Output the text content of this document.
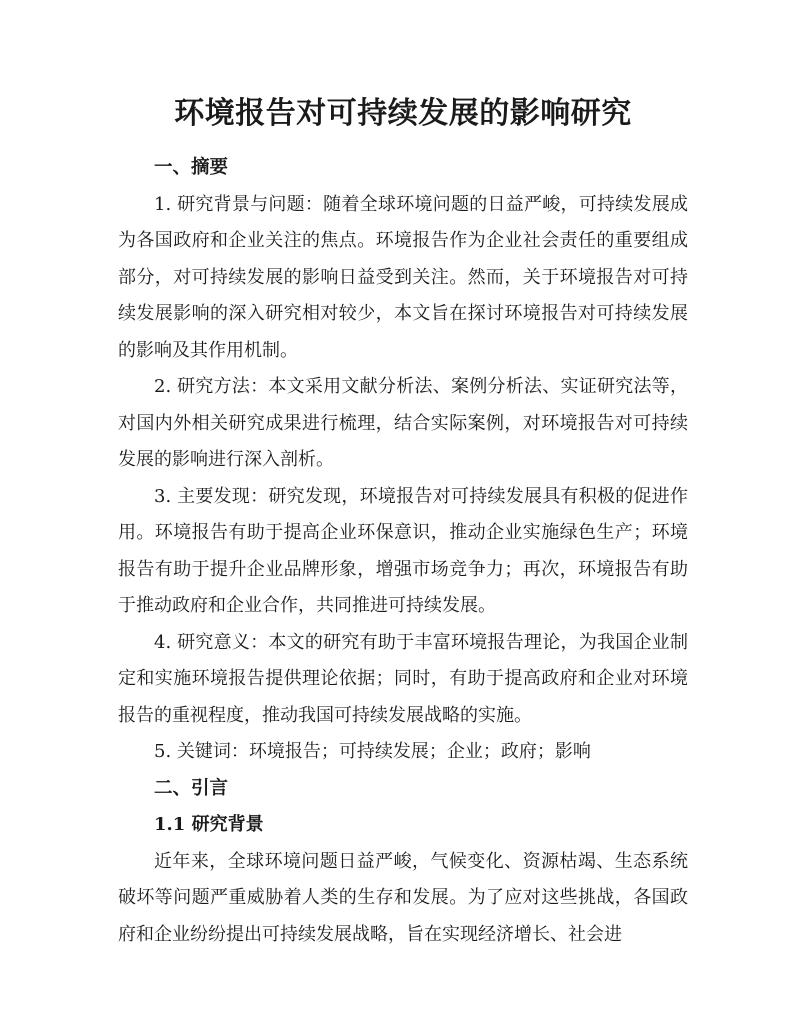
环境报告对可持续发展的影响研究
一、摘要

1. 研究背景与问题：随着全球环境问题的日益严峻，可持续发展成为各国政府和企业关注的焦点。环境报告作为企业社会责任的重要组成部分，对可持续发展的影响日益受到关注。然而，关于环境报告对可持续发展影响的深入研究相对较少，本文旨在探讨环境报告对可持续发展的影响及其作用机制。

2. 研究方法：本文采用文献分析法、案例分析法、实证研究法等，对国内外相关研究成果进行梳理，结合实际案例，对环境报告对可持续发展的影响进行深入剖析。

3. 主要发现：研究发现，环境报告对可持续发展具有积极的促进作用。环境报告有助于提高企业环保意识，推动企业实施绿色生产；环境报告有助于提升企业品牌形象，增强市场竞争力；再次，环境报告有助于推动政府和企业合作，共同推进可持续发展。

4. 研究意义：本文的研究有助于丰富环境报告理论，为我国企业制定和实施环境报告提供理论依据；同时，有助于提高政府和企业对环境报告的重视程度，推动我国可持续发展战略的实施。

5. 关键词：环境报告；可持续发展；企业；政府；影响

二、引言
1.1 研究背景

近年来，全球环境问题日益严峻，气候变化、资源枯竭、生态系统破坏等问题严重威胁着人类的生存和发展。为了应对这些挑战，各国政府和企业纷纷提出可持续发展战略，旨在实现经济增长、社会进
